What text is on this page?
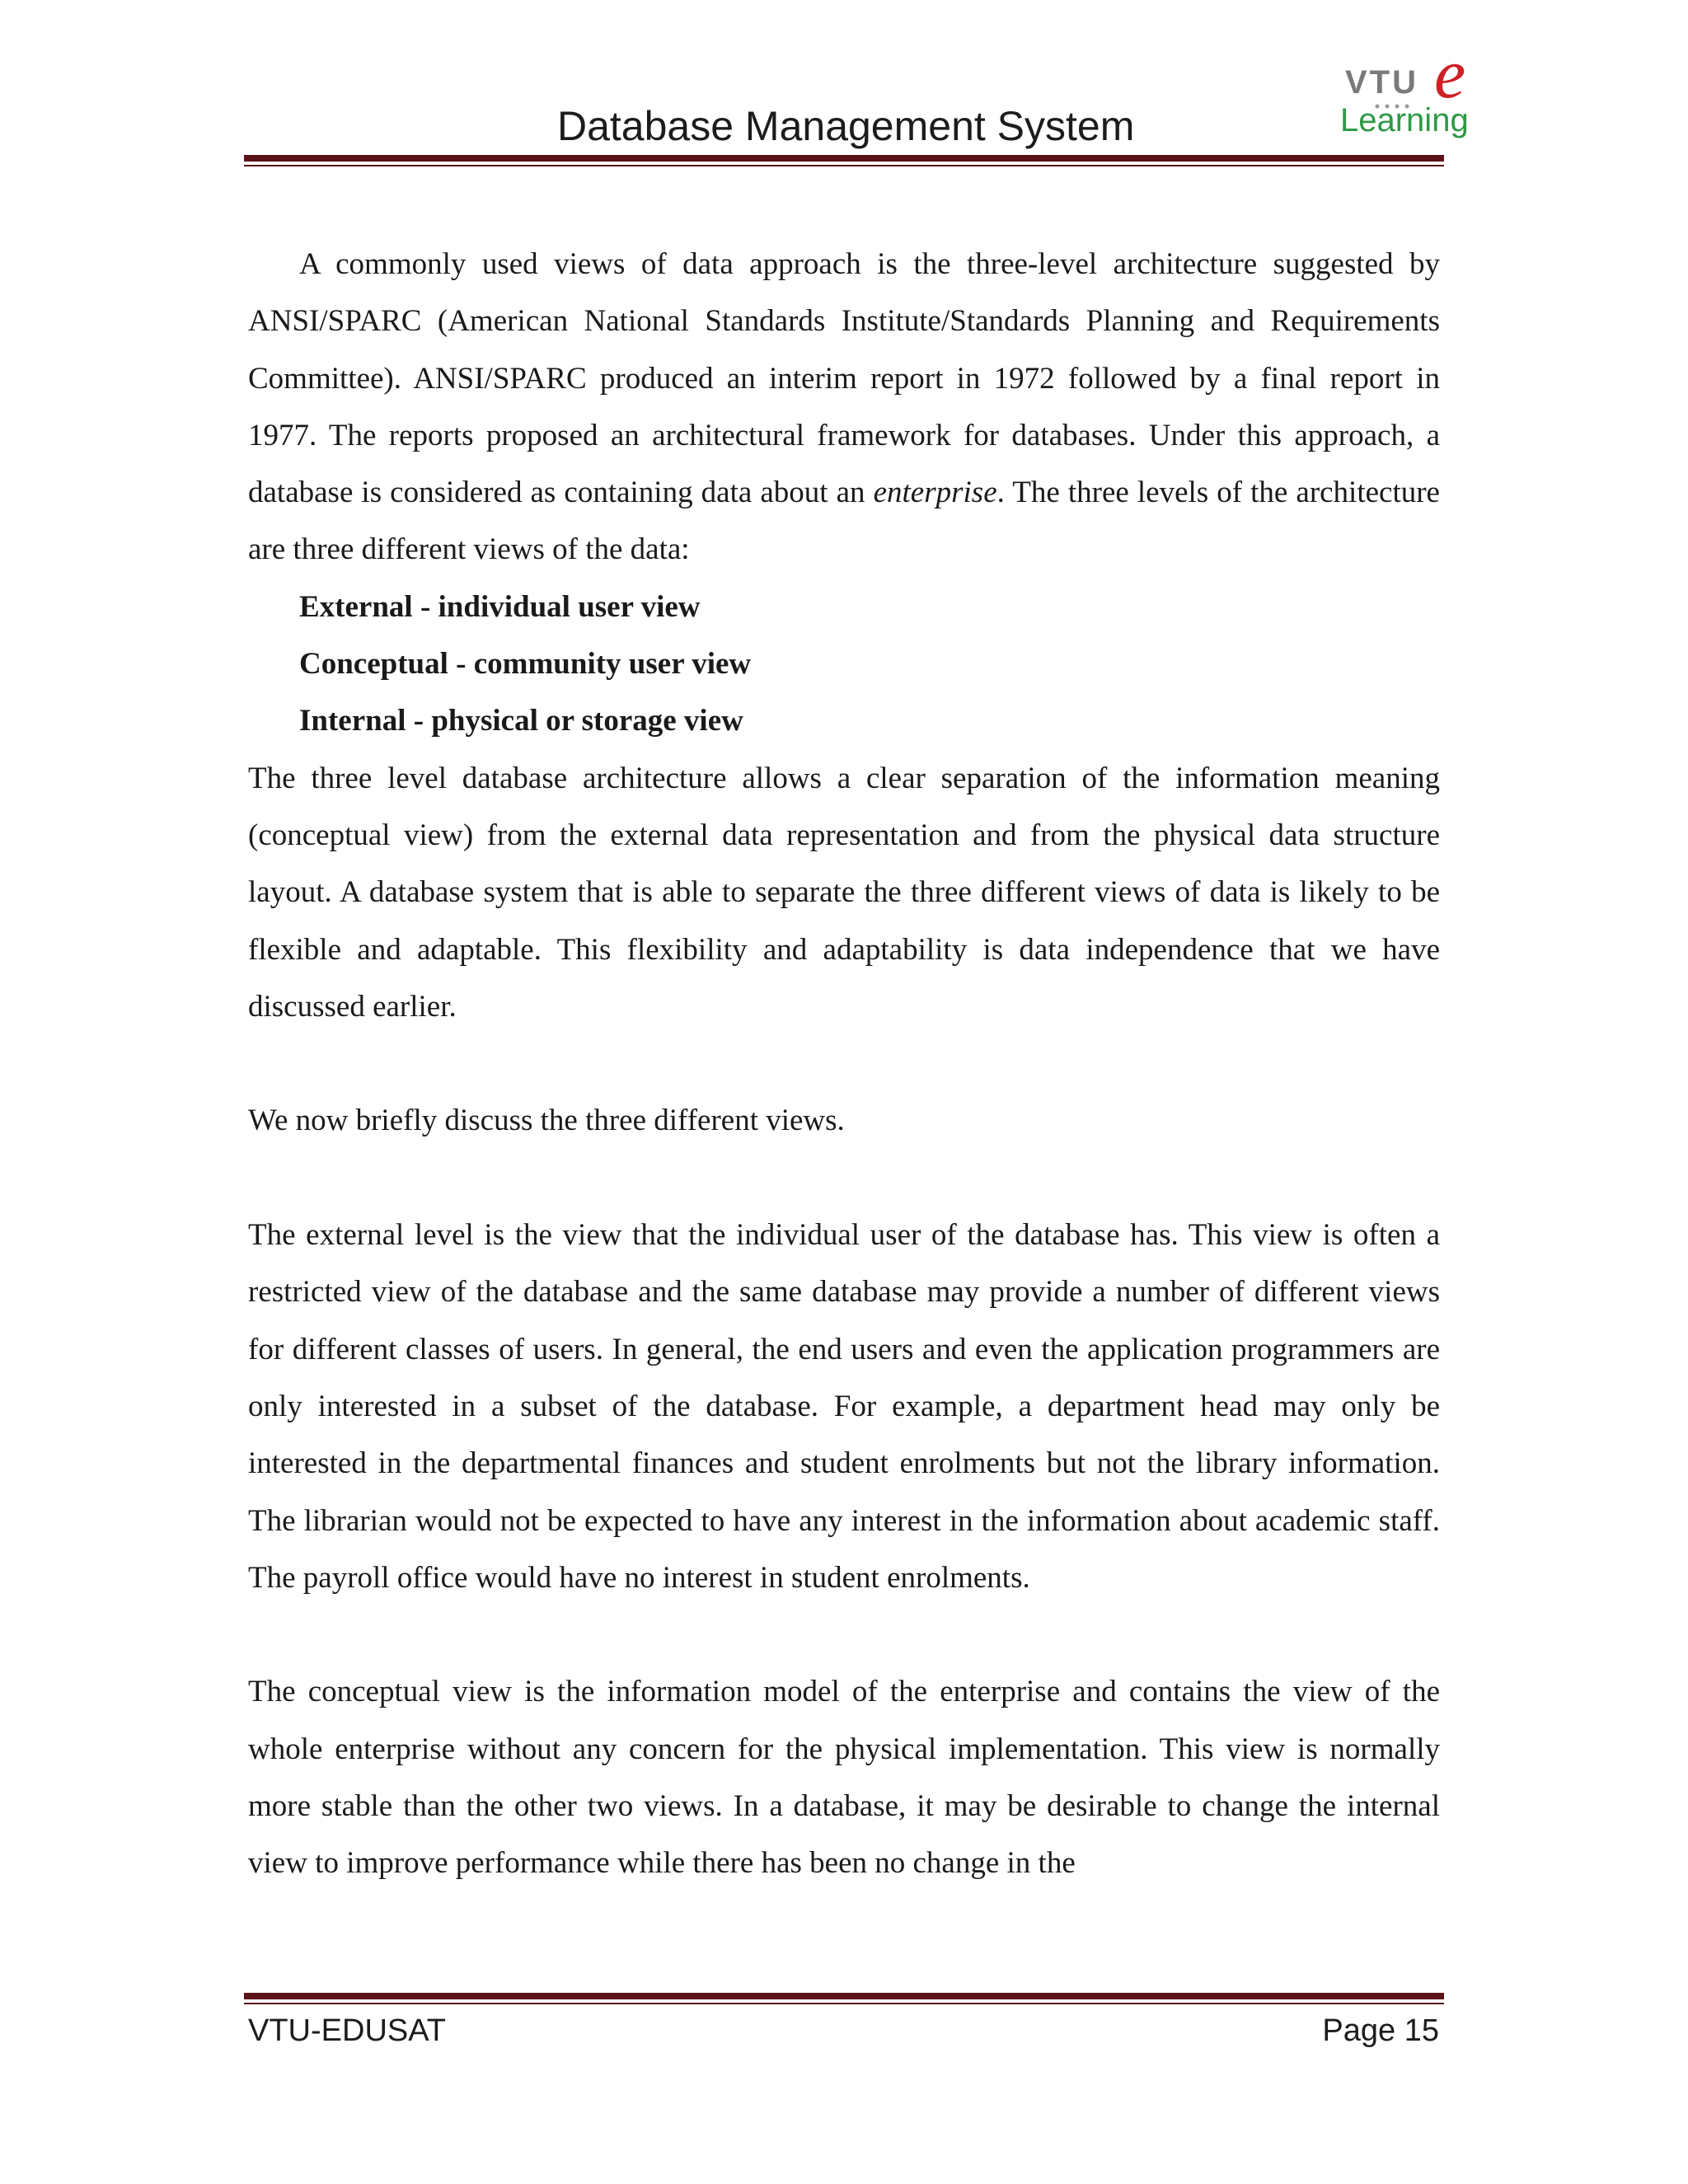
Database Management System
VTU e
Learning

A commonly used views of data approach is the three-level architecture suggested by ANSI/SPARC (American National Standards Institute/Standards Planning and Requirements Committee). ANSI/SPARC produced an interim report in 1972 followed by a final report in 1977. The reports proposed an architectural framework for databases. Under this approach, a database is considered as containing data about an enterprise. The three levels of the architecture are three different views of the data:

External - individual user view
Conceptual - community user view
Internal - physical or storage view

The three level database architecture allows a clear separation of the information meaning (conceptual view) from the external data representation and from the physical data structure layout. A database system that is able to separate the three different views of data is likely to be flexible and adaptable. This flexibility and adaptability is data independence that we have discussed earlier.

We now briefly discuss the three different views.

The external level is the view that the individual user of the database has. This view is often a restricted view of the database and the same database may provide a number of different views for different classes of users. In general, the end users and even the application programmers are only interested in a subset of the database. For example, a department head may only be interested in the departmental finances and student enrolments but not the library information. The librarian would not be expected to have any interest in the information about academic staff. The payroll office would have no interest in student enrolments.

The conceptual view is the information model of the enterprise and contains the view of the whole enterprise without any concern for the physical implementation. This view is normally more stable than the other two views. In a database, it may be desirable to change the internal view to improve performance while there has been no change in the

VTU-EDUSAT	Page 15
